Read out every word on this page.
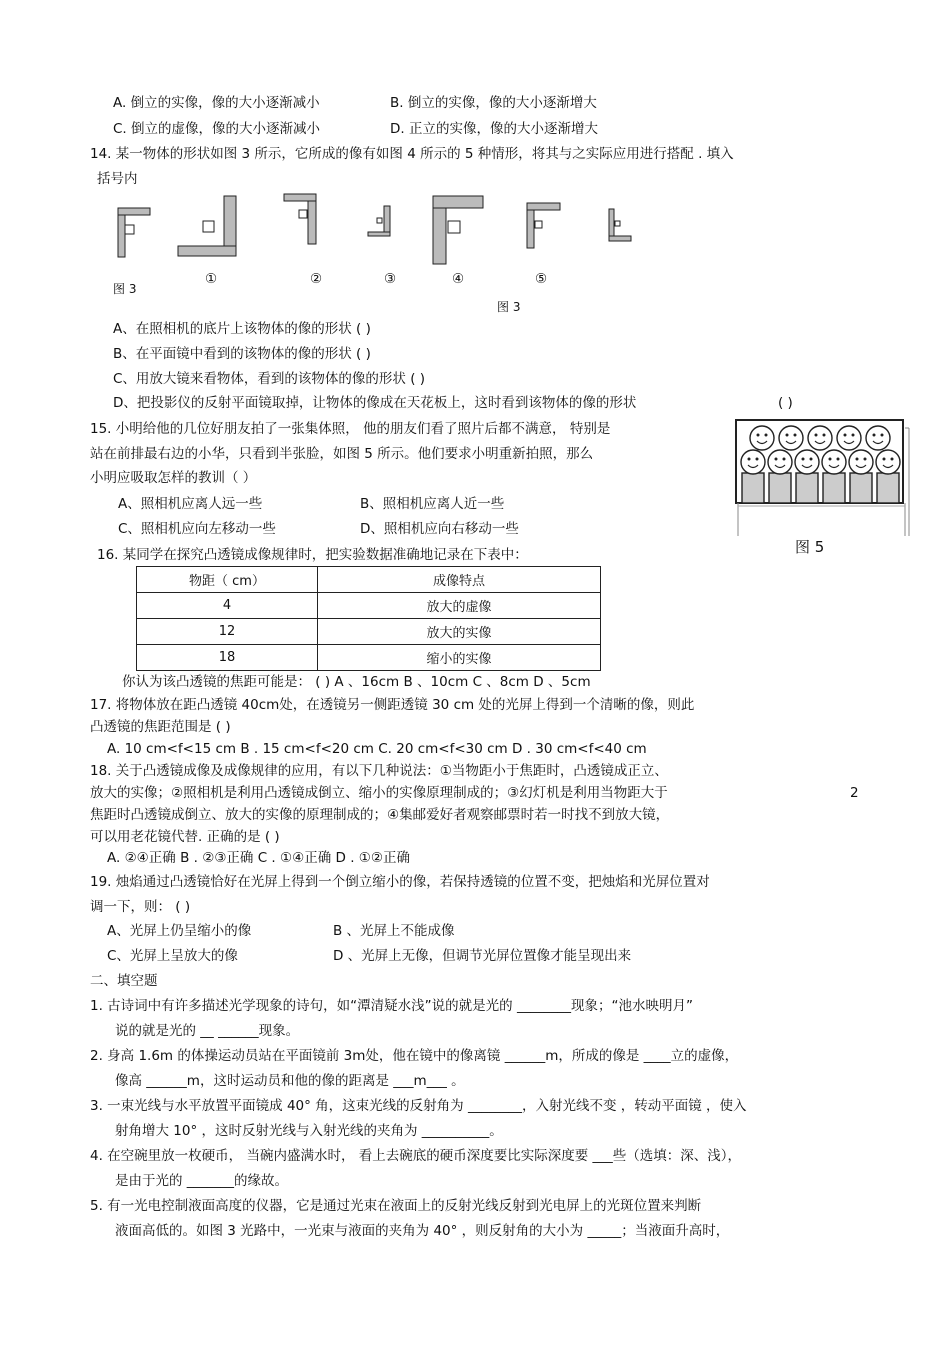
A. 倒立的实像，像的大小逐渐减小	B. 倒立的实像，像的大小逐渐增大
C. 倒立的虚像，像的大小逐渐减小	D. 正立的实像，像的大小逐渐增大
14. 某一物体的形状如图 3 所示，它所成的像有如图 4 所示的 5 种情形，将其与之实际应用进行搭配 . 填入
括号内
图 3
①	②	③	④	⑤
图 3
A、在照相机的底片上该物体的像的形状 ( )
B、在平面镜中看到的该物体的像的形状 ( )
C、用放大镜来看物体，看到的该物体的像的形状 ( )
D、把投影仪的反射平面镜取掉，让物体的像成在天花板上，这时看到该物体的像的形状	( )
15. 小明给他的几位好朋友拍了一张集体照， 他的朋友们看了照片后都不满意， 特别是
站在前排最右边的小华，只看到半张脸，如图 5 所示。他们要求小明重新拍照，那么
小明应吸取怎样的教训（ ）
A、照相机应离人远一些	B、照相机应离人近一些
C、照相机应向左移动一些	D、照相机应向右移动一些
图 5
16. 某同学在探究凸透镜成像规律时，把实验数据准确地记录在下表中：
物距（ cm）	成像特点
4	放大的虚像
12	放大的实像
18	缩小的实像
你认为该凸透镜的焦距可能是： ( ) A 、16cm B 、10cm C 、8cm D 、5cm
17. 将物体放在距凸透镜 40cm处，在透镜另一侧距透镜 30 cm 处的光屏上得到一个清晰的像，则此
凸透镜的焦距范围是 ( )
A. 10 cm<f<15 cm B . 15 cm<f<20 cm C. 20 cm<f<30 cm D . 30 cm<f<40 cm
18. 关于凸透镜成像及成像规律的应用，有以下几种说法：①当物距小于焦距时，凸透镜成正立、
放大的实像；②照相机是利用凸透镜成倒立、缩小的实像原理制成的；③幻灯机是利用当物距大于	2
焦距时凸透镜成倒立、放大的实像的原理制成的；④集邮爱好者观察邮票时若一时找不到放大镜，
可以用老花镜代替. 正确的是 ( )
A. ②④正确 B . ②③正确 C . ①④正确 D . ①②正确
19. 烛焰通过凸透镜恰好在光屏上得到一个倒立缩小的像，若保持透镜的位置不变，把烛焰和光屏位置对
调一下，则： ( )
A、光屏上仍呈缩小的像	B 、光屏上不能成像
C、光屏上呈放大的像	D 、光屏上无像，但调节光屏位置像才能呈现出来
二、填空题
1. 古诗词中有许多描述光学现象的诗句，如“潭清疑水浅”说的就是光的 ________现象；“池水映明月”
说的就是光的 __ ______现象。
2. 身高 1.6m 的体操运动员站在平面镜前 3m处，他在镜中的像离镜 ______m，所成的像是 ____立的虚像，
像高 ______m，这时运动员和他的像的距离是 ___m___ 。
3. 一束光线与水平放置平面镜成 40° 角，这束光线的反射角为 ________，入射光线不变 ，转动平面镜 ，使入
射角增大 10° ，这时反射光线与入射光线的夹角为 __________。
4. 在空碗里放一枚硬币， 当碗内盛满水时， 看上去碗底的硬币深度要比实际深度要 ___些（选填：深、浅），
是由于光的 _______的缘故。
5. 有一光电控制液面高度的仪器，它是通过光束在液面上的反射光线反射到光电屏上的光斑位置来判断
液面高低的。如图 3 光路中，一光束与液面的夹角为 40° ，则反射角的大小为 _____；当液面升高时，
